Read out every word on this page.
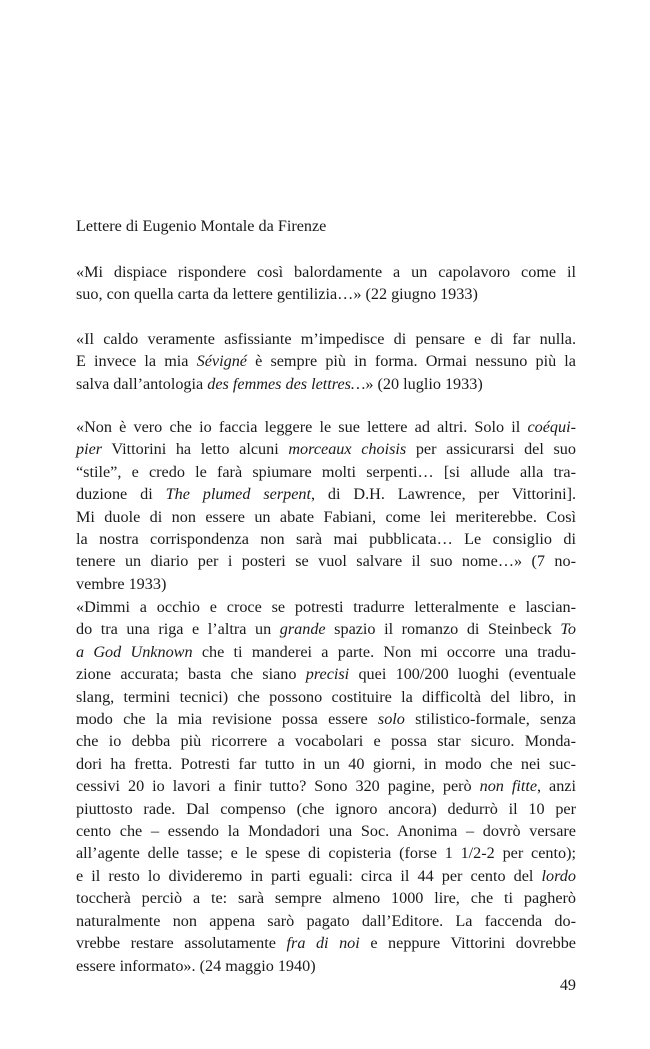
Lettere di Eugenio Montale da Firenze
«Mi dispiace rispondere così balordamente a un capolavoro come il
suo, con quella carta da lettere gentilizia…» (22 giugno 1933)
«Il caldo veramente asfissiante m’impedisce di pensare e di far nulla.
E invece la mia Sévigné è sempre più in forma. Ormai nessuno più la
salva dall’antologia des femmes des lettres…» (20 luglio 1933)
«Non è vero che io faccia leggere le sue lettere ad altri. Solo il coéqui-
pier Vittorini ha letto alcuni morceaux choisis per assicurarsi del suo
“stile”, e credo le farà spiumare molti serpenti… [si allude alla tra-
duzione di The plumed serpent, di D.H. Lawrence, per Vittorini].
Mi duole di non essere un abate Fabiani, come lei meriterebbe. Così
la nostra corrispondenza non sarà mai pubblicata… Le consiglio di
tenere un diario per i posteri se vuol salvare il suo nome…» (7 no-
vembre 1933)
«Dimmi a occhio e croce se potresti tradurre letteralmente e lascian-
do tra una riga e l’altra un grande spazio il romanzo di Steinbeck To
a God Unknown che ti manderei a parte. Non mi occorre una tradu-
zione accurata; basta che siano precisi quei 100/200 luoghi (eventuale
slang, termini tecnici) che possono costituire la difficoltà del libro, in
modo che la mia revisione possa essere solo stilistico-formale, senza
che io debba più ricorrere a vocabolari e possa star sicuro. Monda-
dori ha fretta. Potresti far tutto in un 40 giorni, in modo che nei suc-
cessivi 20 io lavori a finir tutto? Sono 320 pagine, però non fitte, anzi
piuttosto rade. Dal compenso (che ignoro ancora) dedurrò il 10 per
cento che – essendo la Mondadori una Soc. Anonima – dovrò versare
all’agente delle tasse; e le spese di copisteria (forse 1 1/2-2 per cento);
e il resto lo divideremo in parti eguali: circa il 44 per cento del lordo
toccherà perciò a te: sarà sempre almeno 1000 lire, che ti pagherò
naturalmente non appena sarò pagato dall’Editore. La faccenda do-
vrebbe restare assolutamente fra di noi e neppure Vittorini dovrebbe
essere informato». (24 maggio 1940)
49
